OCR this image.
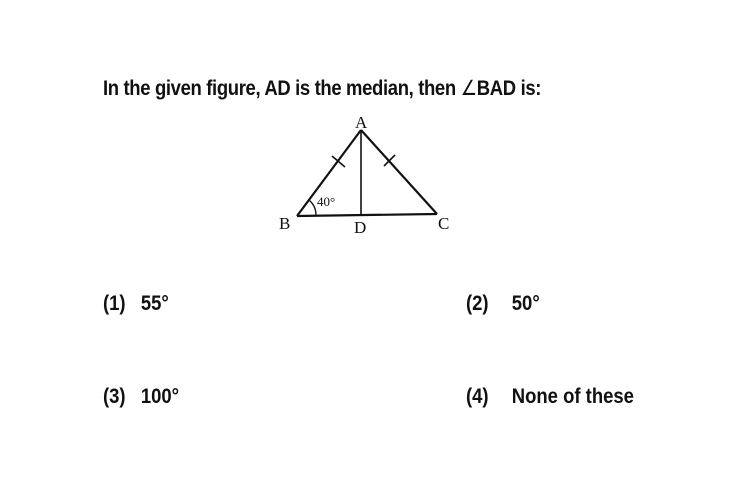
In the given figure, AD is the median, then ∠BAD is:
A
B	C
D
40°
(1) 55°	(2) 50°
(3) 100°	(4) None of these
